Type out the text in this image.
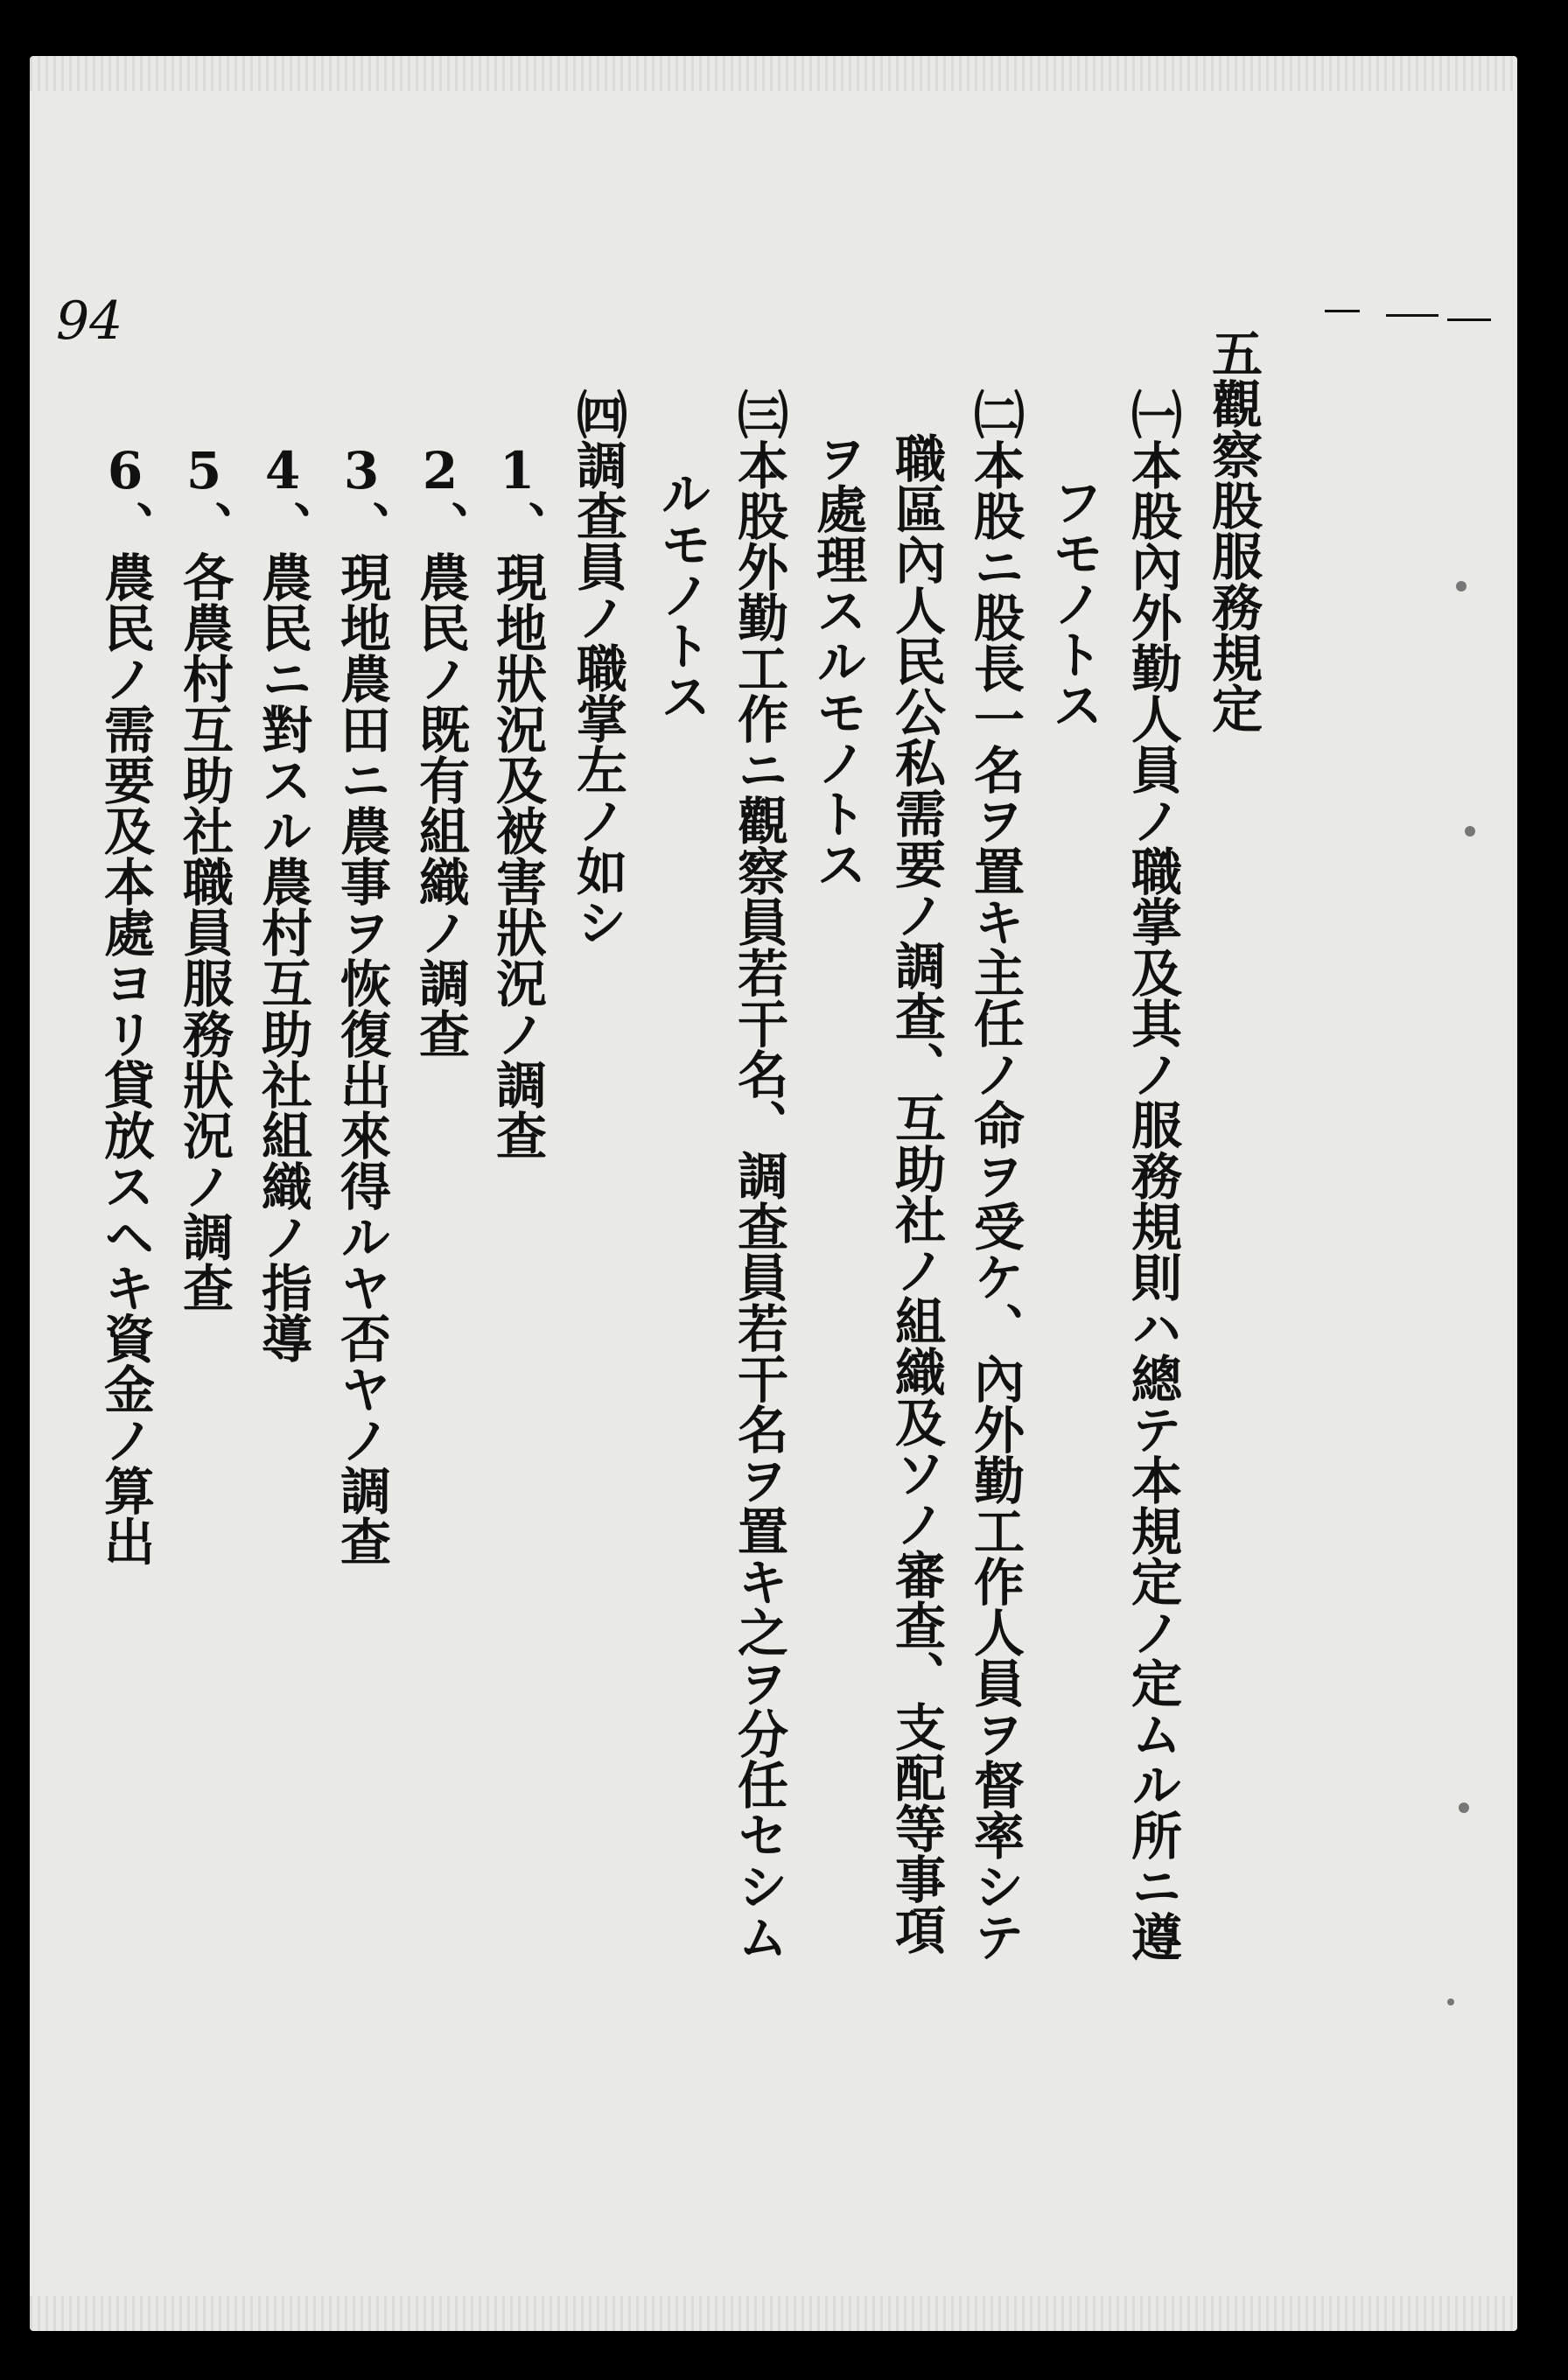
94
五觀察股服務規定
㈠本股內外勤人員ノ職掌及其ノ服務規則ハ總テ本規定ノ定ムル所ニ遵
フモノトス
㈡本股ニ股長一名ヲ置キ主任ノ命ヲ受ケ、內外勤工作人員ヲ督率シテ
職區內人民公私需要ノ調查、互助社ノ組織及ソノ審查、支配等事項
ヲ處理スルモノトス
㈢本股外勤工作ニ觀察員若干名、調查員若干名ヲ置キ之ヲ分任セシム
ルモノトス
㈣調查員ノ職掌左ノ如シ
1、現地狀況及被害狀況ノ調查
2、農民ノ既有組織ノ調查
3、現地農田ニ農事ヲ恢復出來得ルヤ否ヤノ調查
4、農民ニ對スル農村互助社組織ノ指導
5、各農村互助社職員服務狀況ノ調查
6、農民ノ需要及本處ヨリ貸放スヘキ資金ノ算出
